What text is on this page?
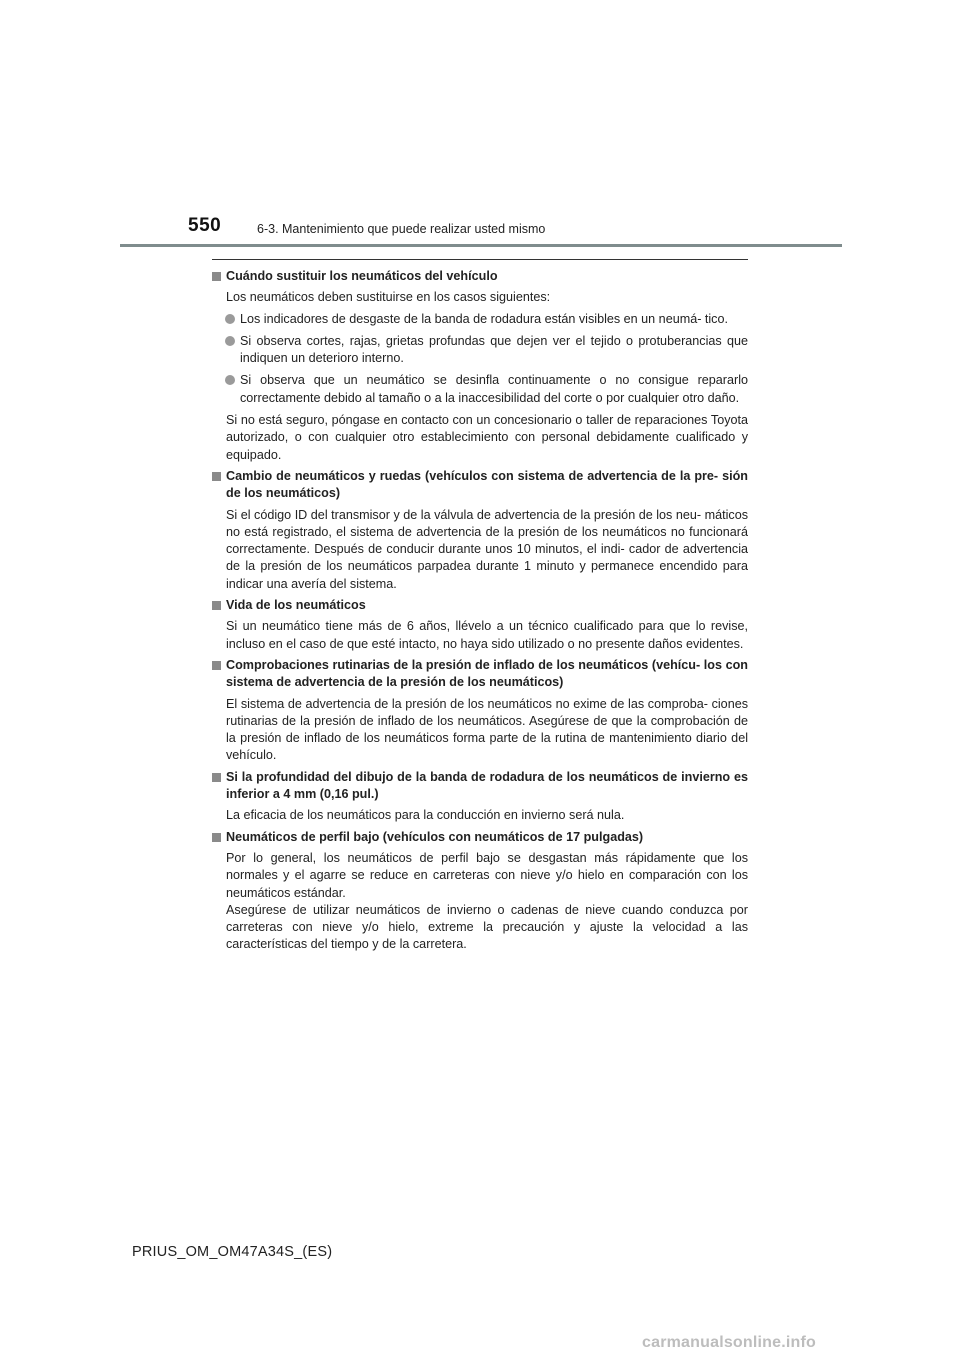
550	6-3. Mantenimiento que puede realizar usted mismo
Cuándo sustituir los neumáticos del vehículo
Los neumáticos deben sustituirse en los casos siguientes:
Los indicadores de desgaste de la banda de rodadura están visibles en un neumá- tico.
Si observa cortes, rajas, grietas profundas que dejen ver el tejido o protuberancias que indiquen un deterioro interno.
Si observa que un neumático se desinfla continuamente o no consigue repararlo correctamente debido al tamaño o a la inaccesibilidad del corte o por cualquier otro daño.
Si no está seguro, póngase en contacto con un concesionario o taller de reparaciones Toyota autorizado, o con cualquier otro establecimiento con personal debidamente cualificado y equipado.
Cambio de neumáticos y ruedas (vehículos con sistema de advertencia de la pre- sión de los neumáticos)
Si el código ID del transmisor y de la válvula de advertencia de la presión de los neu- máticos no está registrado, el sistema de advertencia de la presión de los neumáticos no funcionará correctamente. Después de conducir durante unos 10 minutos, el indi- cador de advertencia de la presión de los neumáticos parpadea durante 1 minuto y permanece encendido para indicar una avería del sistema.
Vida de los neumáticos
Si un neumático tiene más de 6 años, llévelo a un técnico cualificado para que lo revise, incluso en el caso de que esté intacto, no haya sido utilizado o no presente daños evidentes.
Comprobaciones rutinarias de la presión de inflado de los neumáticos (vehícu- los con sistema de advertencia de la presión de los neumáticos)
El sistema de advertencia de la presión de los neumáticos no exime de las comproba- ciones rutinarias de la presión de inflado de los neumáticos. Asegúrese de que la comprobación de la presión de inflado de los neumáticos forma parte de la rutina de mantenimiento diario del vehículo.
Si la profundidad del dibujo de la banda de rodadura de los neumáticos de invierno es inferior a 4 mm (0,16 pul.)
La eficacia de los neumáticos para la conducción en invierno será nula.
Neumáticos de perfil bajo (vehículos con neumáticos de 17 pulgadas)
Por lo general, los neumáticos de perfil bajo se desgastan más rápidamente que los normales y el agarre se reduce en carreteras con nieve y/o hielo en comparación con los neumáticos estándar.
Asegúrese de utilizar neumáticos de invierno o cadenas de nieve cuando conduzca por carreteras con nieve y/o hielo, extreme la precaución y ajuste la velocidad a las características del tiempo y de la carretera.
PRIUS_OM_OM47A34S_(ES)
carmanualsonline.info
